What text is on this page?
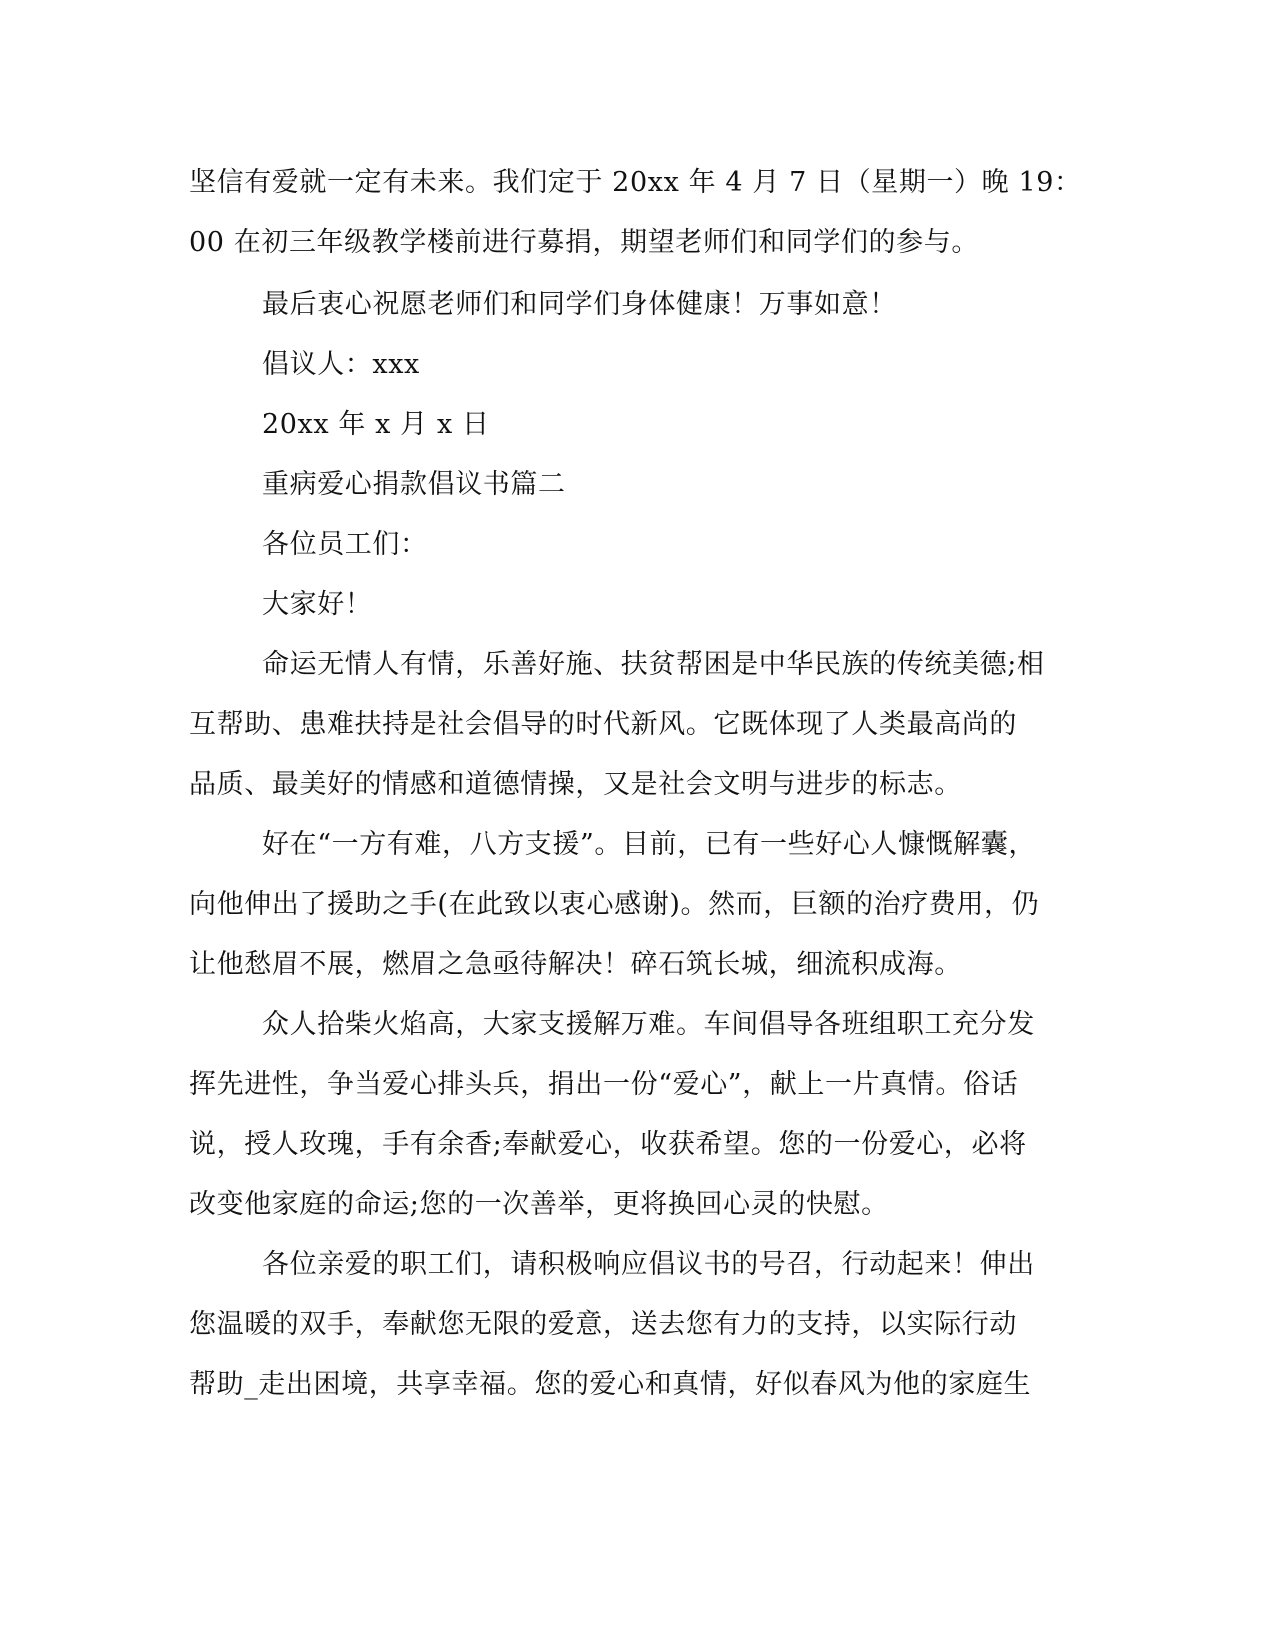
坚信有爱就一定有未来。我们定于 20xx 年 4 月 7 日（星期一）晚 19：
00 在初三年级教学楼前进行募捐，期望老师们和同学们的参与。
最后衷心祝愿老师们和同学们身体健康！万事如意！
倡议人：xxx
20xx 年 x 月 x 日
重病爱心捐款倡议书篇二
各位员工们：
大家好！
命运无情人有情，乐善好施、扶贫帮困是中华民族的传统美德;相
互帮助、患难扶持是社会倡导的时代新风。它既体现了人类最高尚的
品质、最美好的情感和道德情操，又是社会文明与进步的标志。
好在“一方有难，八方支援”。目前，已有一些好心人慷慨解囊，
向他伸出了援助之手(在此致以衷心感谢)。然而，巨额的治疗费用，仍
让他愁眉不展，燃眉之急亟待解决！碎石筑长城，细流积成海。
众人拾柴火焰高，大家支援解万难。车间倡导各班组职工充分发
挥先进性，争当爱心排头兵，捐出一份“爱心”，献上一片真情。俗话
说，授人玫瑰，手有余香;奉献爱心，收获希望。您的一份爱心，必将
改变他家庭的命运;您的一次善举，更将换回心灵的快慰。
各位亲爱的职工们，请积极响应倡议书的号召，行动起来！伸出
您温暖的双手，奉献您无限的爱意，送去您有力的支持，以实际行动
帮助_走出困境，共享幸福。您的爱心和真情，好似春风为他的家庭生
